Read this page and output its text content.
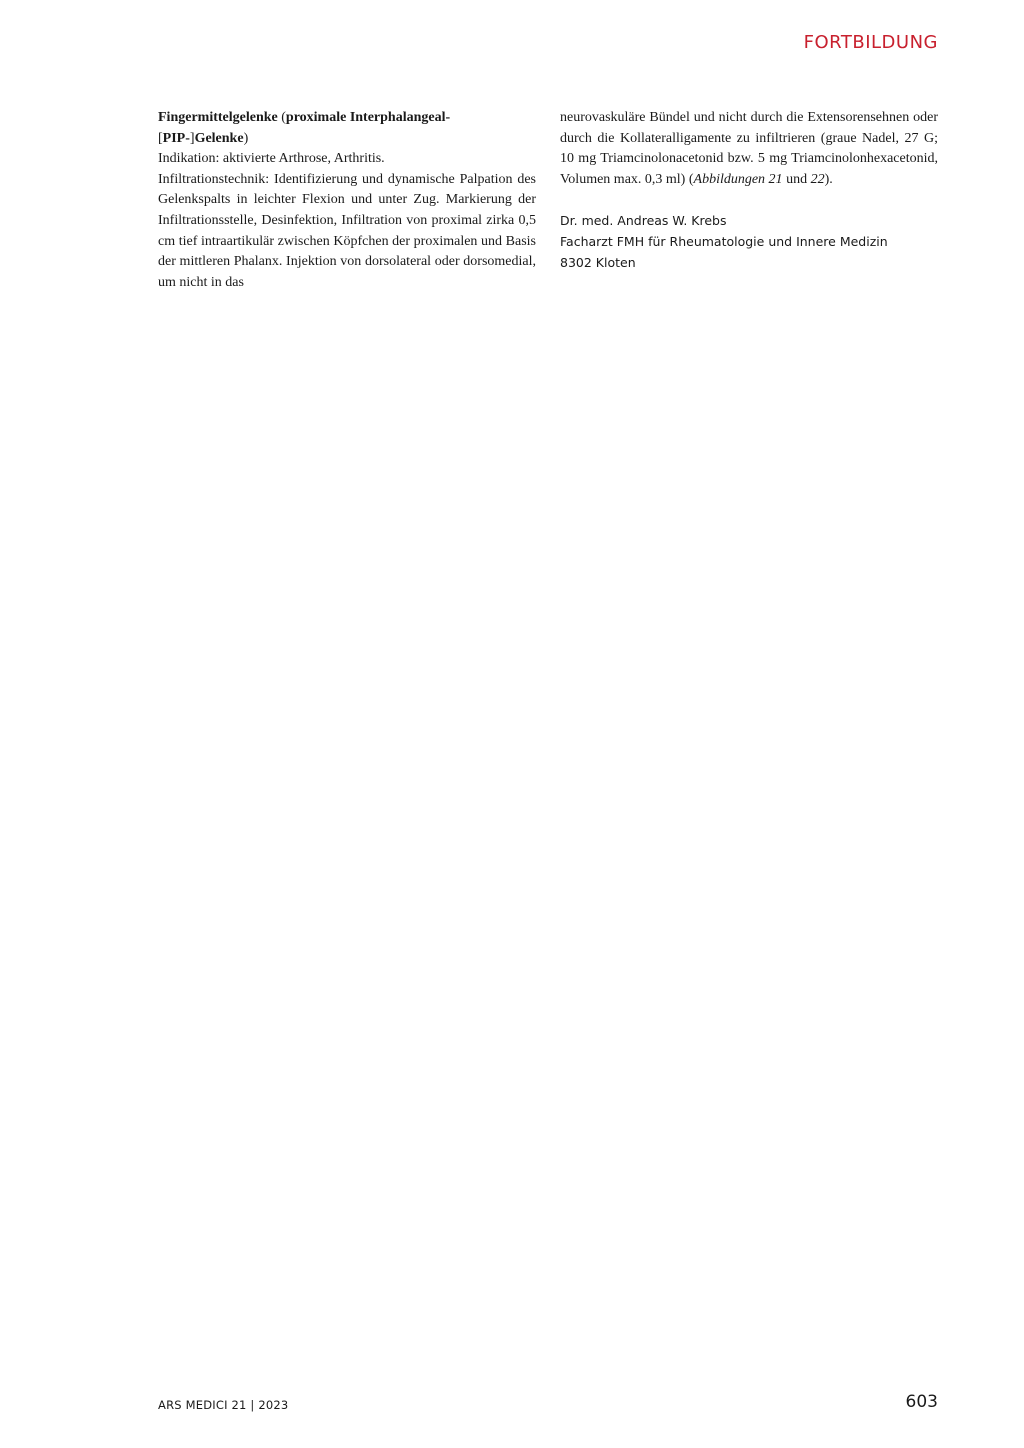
FORTBILDUNG

Fingermittelgelenke (proximale Interphalangeal-
[PIP-]Gelenke)

Indikation: aktivierte Arthrose, Arthritis.

Infiltrationstechnik: Identifizierung und dynamische Palpation des Gelenkspalts in leichter Flexion und unter Zug. Markierung der Infiltrationsstelle, Desinfektion, Infiltration von proximal zirka 0,5 cm tief intraartikulär zwischen Köpfchen der proximalen und Basis der mittleren Phalanx. Injektion von dorsolateral oder dorsomedial, um nicht in das

neurovaskuläre Bündel und nicht durch die Extensorensehnen oder durch die Kollateralligamente zu infiltrieren (graue Nadel, 27 G; 10 mg Triamcinolonacetonid bzw. 5 mg Triamcinolonhexacetonid, Volumen max. 0,3 ml) (Abbildungen 21 und 22).

Dr. med. Andreas W. Krebs
Facharzt FMH für Rheumatologie und Innere Medizin
8302 Kloten
ARS MEDICI 21 | 2023	603
